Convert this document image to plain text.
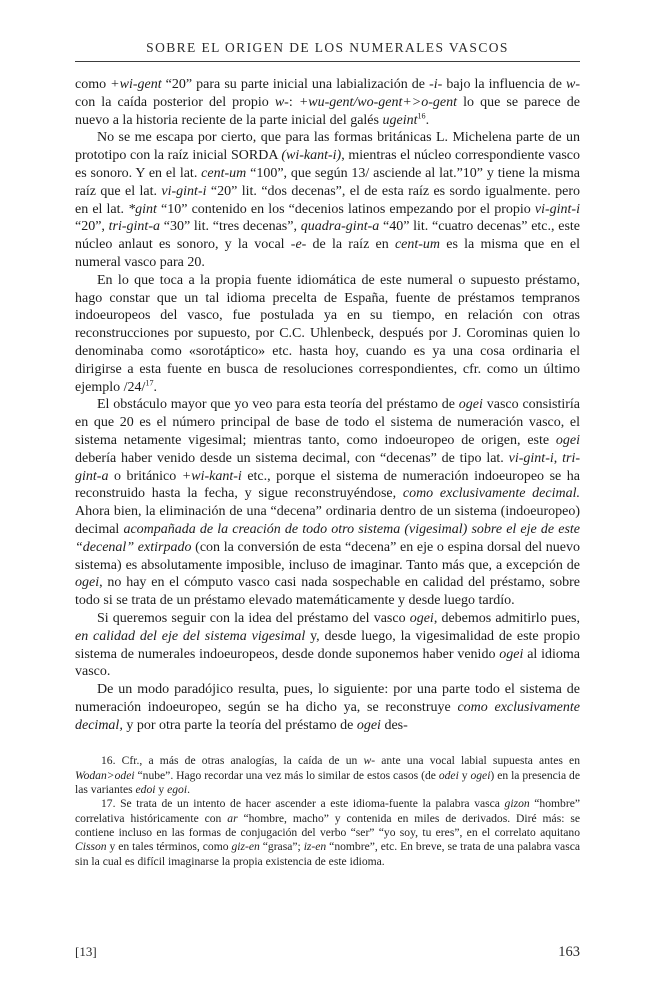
SOBRE EL ORIGEN DE LOS NUMERALES VASCOS

como +wi-gent “20” para su parte inicial una labialización de -i- bajo la influencia de w- con la caída posterior del propio w-: +wu-gent/wo-gent+>o-gent lo que se parece de nuevo a la historia reciente de la parte inicial del galés ugeint$^{16}$.

No se me escapa por cierto, que para las formas británicas L. Michelena parte de un prototipo con la raíz inicial SORDA (wi-kant-i), mientras el núcleo correspondiente vasco es sonoro. Y en el lat. cent-um “100”, que según 13/ asciende al lat.”10” y tiene la misma raíz que el lat. vi-gint-i “20” lit. “dos decenas”, el de esta raíz es sordo igualmente. pero en el lat. *gint “10” contenido en los “decenios latinos empezando por el propio vi-gint-i “20”, tri-gint-a “30” lit. “tres decenas”, quadra-gint-a “40” lit. “cuatro decenas” etc., este núcleo anlaut es sonoro, y la vocal -e- de la raíz en cent-um es la misma que en el numeral vasco para 20.

En lo que toca a la propia fuente idiomática de este numeral o supuesto préstamo, hago constar que un tal idioma precelta de España, fuente de préstamos tempranos indoeuropeos del vasco, fue postulada ya en su tiempo, en relación con otras reconstrucciones por supuesto, por C.C. Uhlenbeck, después por J. Corominas quien lo denominaba como «sorotáptico» etc. hasta hoy, cuando es ya una cosa ordinaria el dirigirse a esta fuente en busca de resoluciones correspondientes, cfr. como un último ejemplo /24/$^{17}$.

El obstáculo mayor que yo veo para esta teoría del préstamo de ogei vasco consistiría en que 20 es el número principal de base de todo el sistema de numeración vasco, el sistema netamente vigesimal; mientras tanto, como indoeuropeo de origen, este ogei debería haber venido desde un sistema decimal, con “decenas” de tipo lat. vi-gint-i, tri-gint-a o británico +wi-kant-i etc., porque el sistema de numeración indoeuropeo se ha reconstruido hasta la fecha, y sigue reconstruyéndose, como exclusivamente decimal. Ahora bien, la eliminación de una “decena” ordinaria dentro de un sistema (indoeuropeo) decimal acompañada de la creación de todo otro sistema (vigesimal) sobre el eje de este “decenal” extirpado (con la conversión de esta “decena” en eje o espina dorsal del nuevo sistema) es absolutamente imposible, incluso de imaginar. Tanto más que, a excepción de ogei, no hay en el cómputo vasco casi nada sospechable en calidad del préstamo, sobre todo si se trata de un préstamo elevado matemáticamente y desde luego tardío.

Si queremos seguir con la idea del préstamo del vasco ogei, debemos admitirlo pues, en calidad del eje del sistema vigesimal y, desde luego, la vigesimalidad de este propio sistema de numerales indoeuropeos, desde donde suponemos haber venido ogei al idioma vasco.

De un modo paradójico resulta, pues, lo siguiente: por una parte todo el sistema de numeración indoeuropeo, según se ha dicho ya, se reconstruye como exclusivamente decimal, y por otra parte la teoría del préstamo de ogei des-

16. Cfr., a más de otras analogías, la caída de un w- ante una vocal labial supuesta antes en Wodan>odei “nube”. Hago recordar una vez más lo similar de estos casos (de odei y ogei) en la presencia de las variantes edoi y egoi.

17. Se trata de un intento de hacer ascender a este idioma-fuente la palabra vasca gizon “hombre” correlativa históricamente con ar “hombre, macho” y contenida en miles de derivados. Diré más: se contiene incluso en las formas de conjugación del verbo “ser” “yo soy, tu eres”, en el correlato aquitano Cisson y en tales términos, como giz-en “grasa”; iz-en “nombre”, etc. En breve, se trata de una palabra vasca sin la cual es difícil imaginarse la propia existencia de este idioma.

[13]	163
